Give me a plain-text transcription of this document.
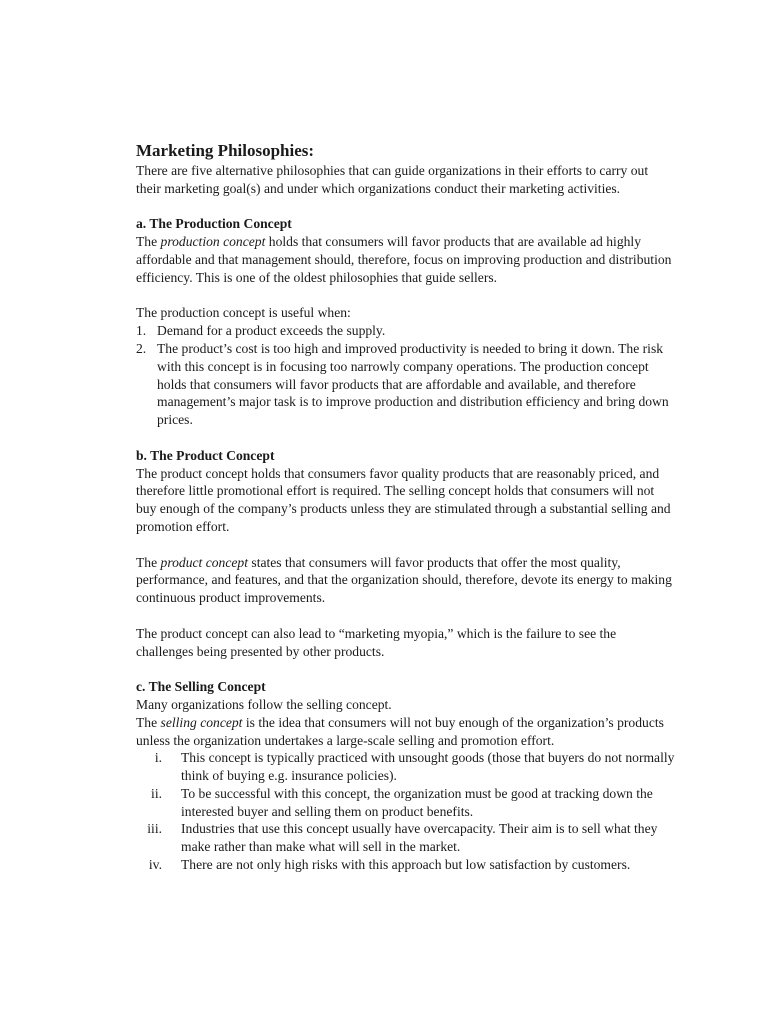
Marketing Philosophies:

There are five alternative philosophies that can guide organizations in their efforts to carry out their marketing goal(s) and under which organizations conduct their marketing activities.

a. The Production Concept

The production concept holds that consumers will favor products that are available ad highly affordable and that management should, therefore, focus on improving production and distribution efficiency. This is one of the oldest philosophies that guide sellers.

The production concept is useful when:

1. Demand for a product exceeds the supply.
2. The product’s cost is too high and improved productivity is needed to bring it down. The risk with this concept is in focusing too narrowly company operations. The production concept holds that consumers will favor products that are affordable and available, and therefore management’s major task is to improve production and distribution efficiency and bring down prices.
b. The Product Concept

The product concept holds that consumers favor quality products that are reasonably priced, and therefore little promotional effort is required. The selling concept holds that consumers will not buy enough of the company’s products unless they are stimulated through a substantial selling and promotion effort.

The product concept states that consumers will favor products that offer the most quality, performance, and features, and that the organization should, therefore, devote its energy to making continuous product improvements.

The product concept can also lead to “marketing myopia,” which is the failure to see the challenges being presented by other products.

c. The Selling Concept

Many organizations follow the selling concept.

The selling concept is the idea that consumers will not buy enough of the organization’s products unless the organization undertakes a large-scale selling and promotion effort.

i. This concept is typically practiced with unsought goods (those that buyers do not normally think of buying e.g. insurance policies).
ii. To be successful with this concept, the organization must be good at tracking down the interested buyer and selling them on product benefits.
iii. Industries that use this concept usually have overcapacity. Their aim is to sell what they make rather than make what will sell in the market.
iv. There are not only high risks with this approach but low satisfaction by customers.
